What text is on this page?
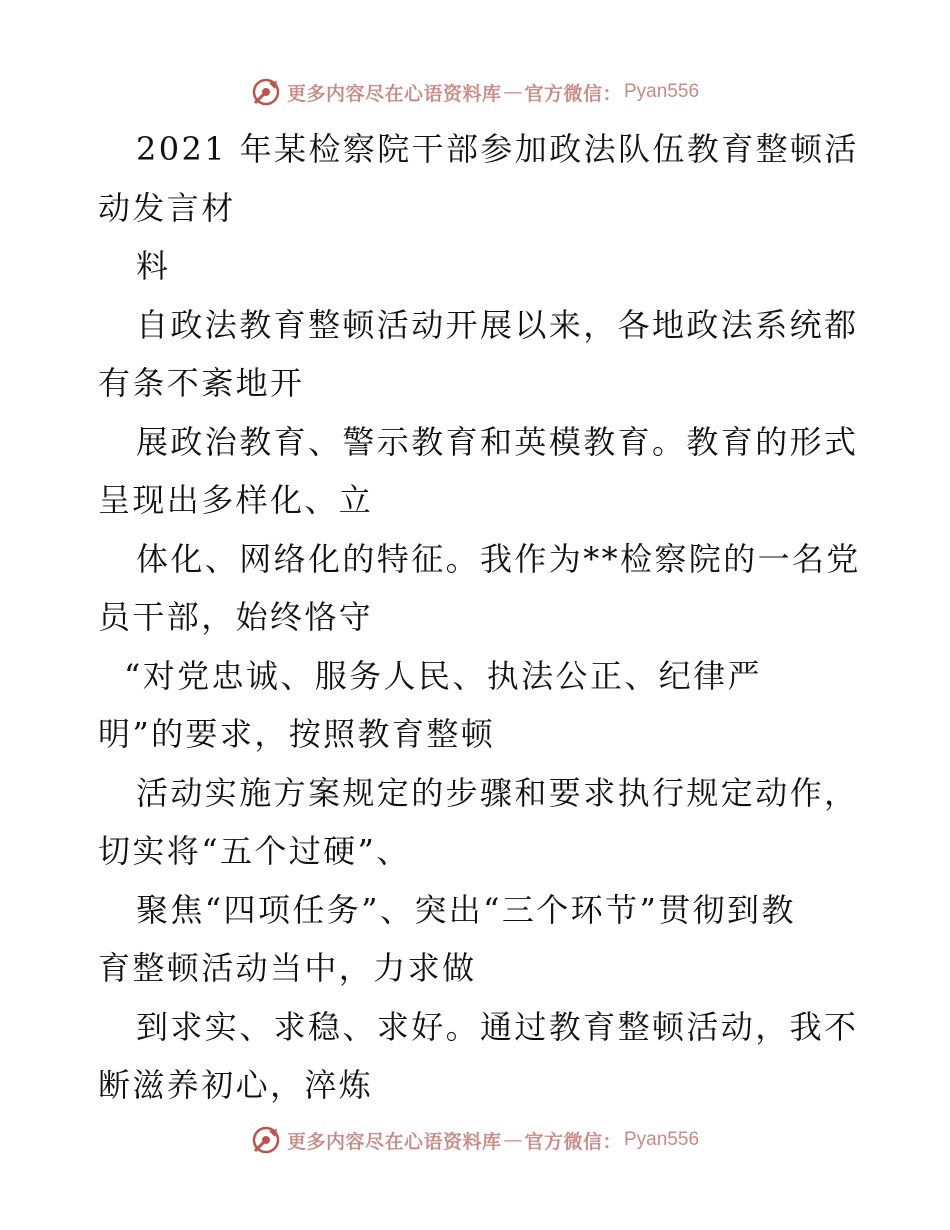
更多内容尽在心语资料库 — 官方微信： Pyan556
2021 年某检察院干部参加政法队伍教育整顿活
动发言材
料
自政法教育整顿活动开展以来，各地政法系统都
有条不紊地开
展政治教育、警示教育和英模教育。教育的形式
呈现出多样化、立
体化、网络化的特征。我作为**检察院的一名党
员干部，始终恪守
“对党忠诚、服务人民、执法公正、纪律严
明”的要求，按照教育整顿
活动实施方案规定的步骤和要求执行规定动作，
切实将“五个过硬”、
聚焦“四项任务”、突出“三个环节”贯彻到教
育整顿活动当中，力求做
到求实、求稳、求好。通过教育整顿活动，我不
断滋养初心，淬炼
更多内容尽在心语资料库 — 官方微信： Pyan556
